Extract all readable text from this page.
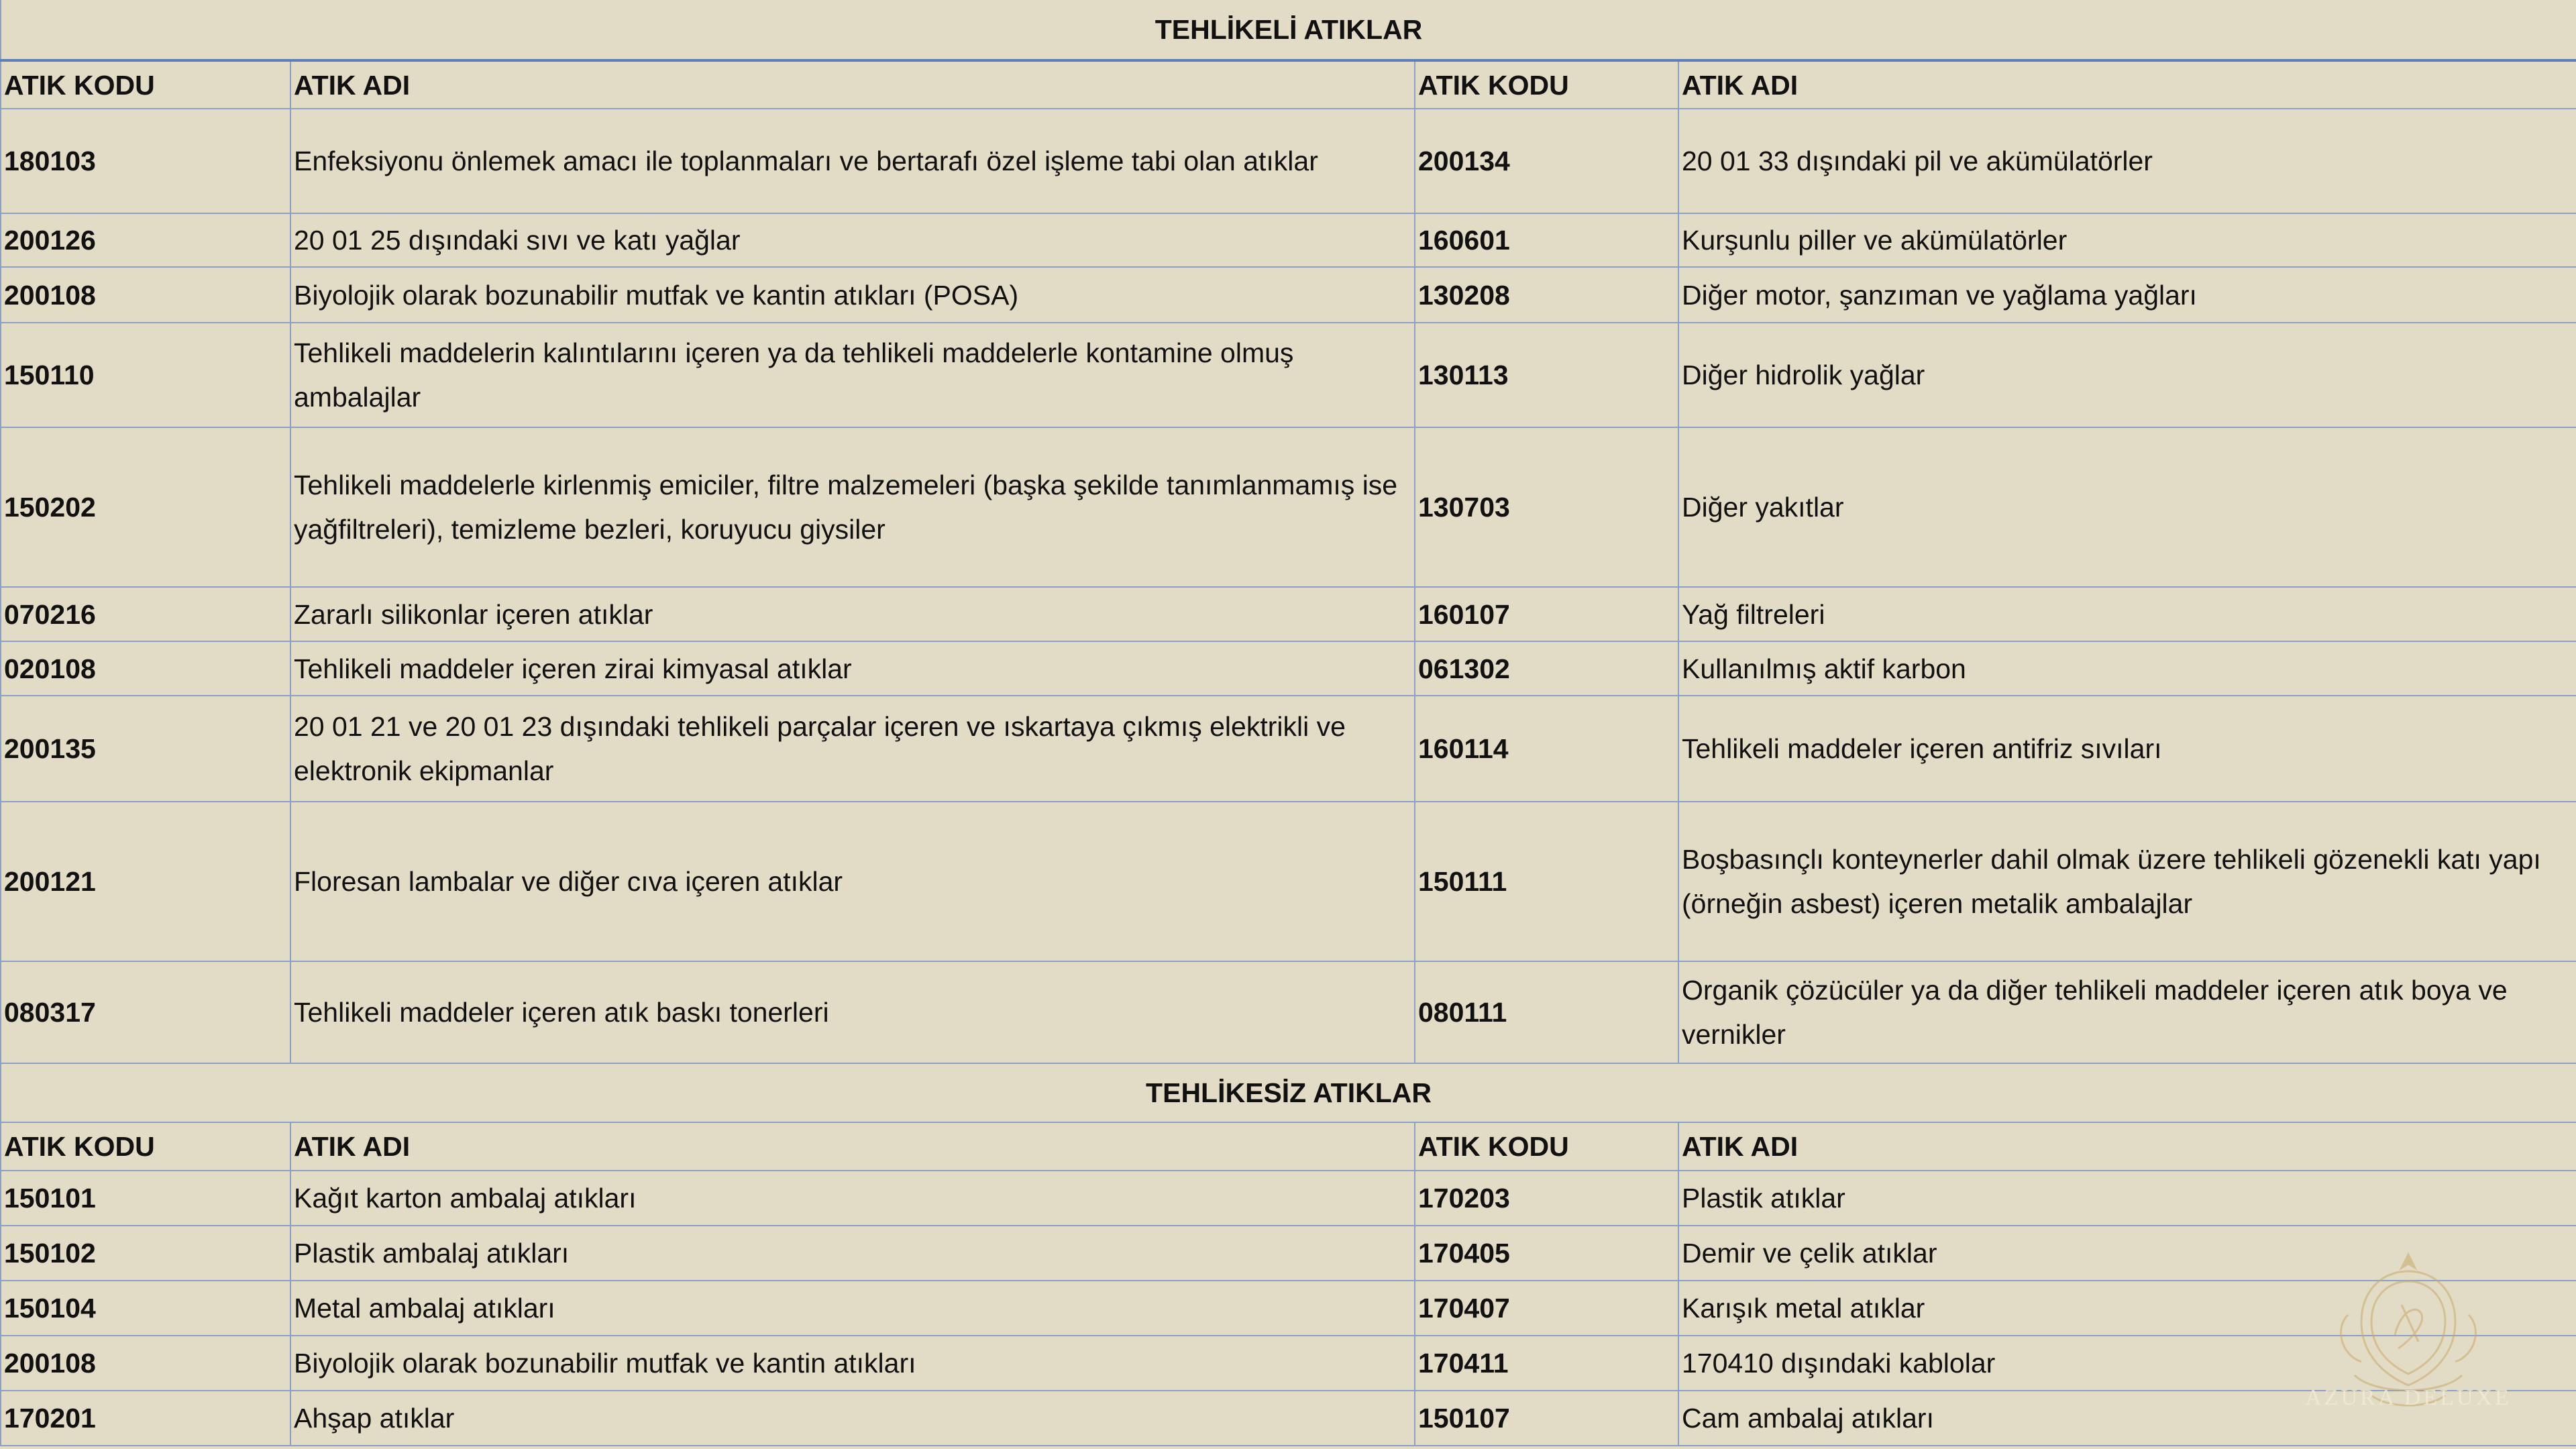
TEHLİKELİ ATIKLAR			
ATIK KODU	ATIK ADI	ATIK KODU	ATIK ADI
180103	Enfeksiyonu önlemek amacı ile toplanmaları ve bertarafı özel işleme tabi olan atıklar	200134	20 01 33 dışındaki pil ve akümülatörler
200126	20 01 25 dışındaki sıvı ve katı yağlar	160601	Kurşunlu piller ve akümülatörler
200108	Biyolojik olarak bozunabilir mutfak ve kantin atıkları (POSA)	130208	Diğer motor, şanzıman ve yağlama yağları
150110	Tehlikeli maddelerin kalıntılarını içeren ya da tehlikeli maddelerle kontamine olmuş ambalajlar	130113	Diğer hidrolik yağlar
150202	Tehlikeli maddelerle kirlenmiş emiciler, filtre malzemeleri (başka şekilde tanımlanmamış ise yağfiltreleri), temizleme bezleri, koruyucu giysiler	130703	Diğer yakıtlar
070216	Zararlı silikonlar içeren atıklar	160107	Yağ filtreleri
020108	Tehlikeli maddeler içeren zirai kimyasal atıklar	061302	Kullanılmış aktif karbon
200135	20 01 21 ve 20 01 23 dışındaki tehlikeli parçalar içeren ve ıskartaya çıkmış elektrikli ve elektronik ekipmanlar	160114	Tehlikeli maddeler içeren antifriz sıvıları
200121	Floresan lambalar ve diğer cıva içeren atıklar	150111	Boşbasınçlı konteynerler dahil olmak üzere tehlikeli gözenekli katı yapı (örneğin asbest) içeren metalik ambalajlar
080317	Tehlikeli maddeler içeren atık baskı tonerleri	080111	Organik çözücüler ya da diğer tehlikeli maddeler içeren atık boya ve vernikler
TEHLİKESİZ ATIKLAR			
ATIK KODU	ATIK ADI	ATIK KODU	ATIK ADI
150101	Kağıt karton ambalaj atıkları	170203	Plastik atıklar
150102	Plastik ambalaj atıkları	170405	Demir ve çelik atıklar
150104	Metal ambalaj atıkları	170407	Karışık metal atıklar
200108	Biyolojik olarak bozunabilir mutfak ve kantin atıkları	170411	170410 dışındaki kablolar
170201	Ahşap atıklar	150107	Cam ambalaj atıkları
AZURA DELUXE
